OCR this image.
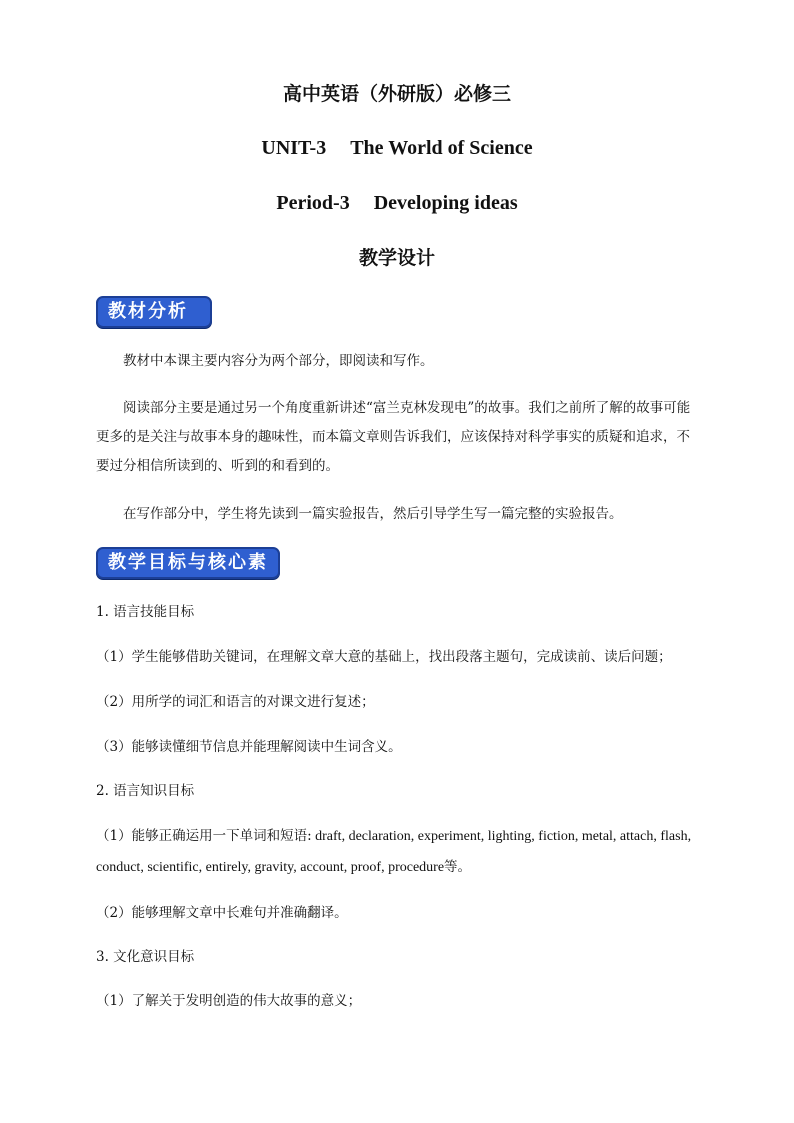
高中英语（外研版）必修三
UNIT-3 The World of Science
Period-3 Developing ideas
教学设计
教材分析
教材中本课主要内容分为两个部分，即阅读和写作。
阅读部分主要是通过另一个角度重新讲述“富兰克林发现电”的故事。我们之前所了解的故事可能更多的是关注与故事本身的趣味性，而本篇文章则告诉我们，应该保持对科学事实的质疑和追求，不要过分相信所读到的、听到的和看到的。
在写作部分中，学生将先读到一篇实验报告，然后引导学生写一篇完整的实验报告。
教学目标与核心素养
1. 语言技能目标
（1）学生能够借助关键词，在理解文章大意的基础上，找出段落主题句，完成读前、读后问题；
（2）用所学的词汇和语言的对课文进行复述；
（3）能够读懂细节信息并能理解阅读中生词含义。
2. 语言知识目标
（1）能够正确运用一下单词和短语: draft, declaration, experiment, lighting, fiction, metal, attach, flash, conduct, scientific, entirely, gravity, account, proof, procedure等。
（2）能够理解文章中长难句并准确翻译。
3. 文化意识目标
（1）了解关于发明创造的伟大故事的意义；
